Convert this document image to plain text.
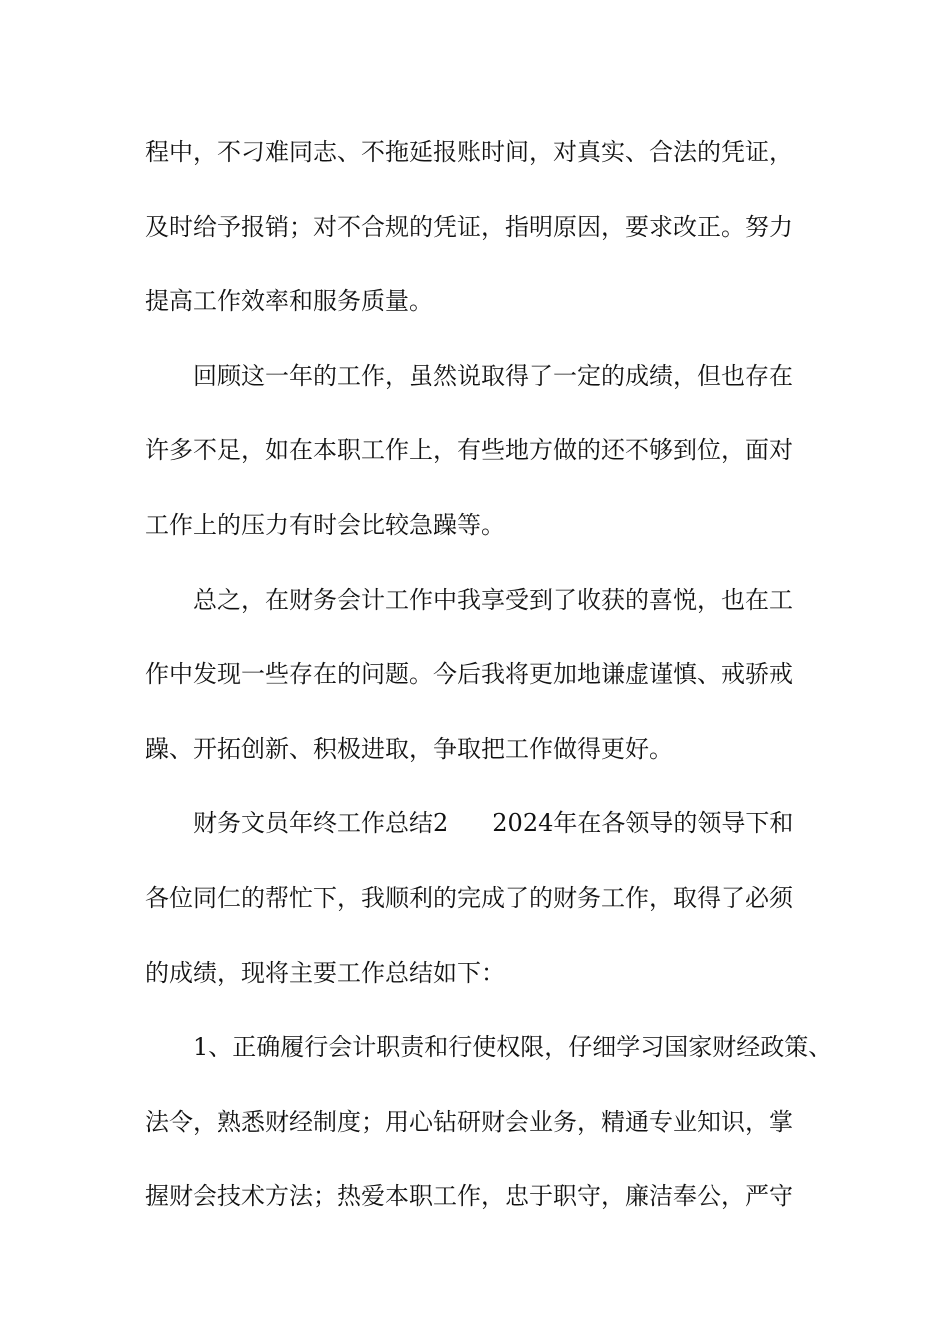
程中，不刁难同志、不拖延报账时间，对真实、合法的凭证，
及时给予报销；对不合规的凭证，指明原因，要求改正。努力
提高工作效率和服务质量。
回顾这一年的工作，虽然说取得了一定的成绩，但也存在
许多不足，如在本职工作上，有些地方做的还不够到位，面对
工作上的压力有时会比较急躁等。
总之，在财务会计工作中我享受到了收获的喜悦，也在工
作中发现一些存在的问题。今后我将更加地谦虚谨慎、戒骄戒
躁、开拓创新、积极进取，争取把工作做得更好。
财务文员年终工作总结2 2024年在各领导的领导下和
各位同仁的帮忙下，我顺利的完成了的财务工作，取得了必须
的成绩，现将主要工作总结如下：
1、正确履行会计职责和行使权限，仔细学习国家财经政策、
法令，熟悉财经制度；用心钻研财会业务，精通专业知识，掌
握财会技术方法；热爱本职工作，忠于职守，廉洁奉公，严守
